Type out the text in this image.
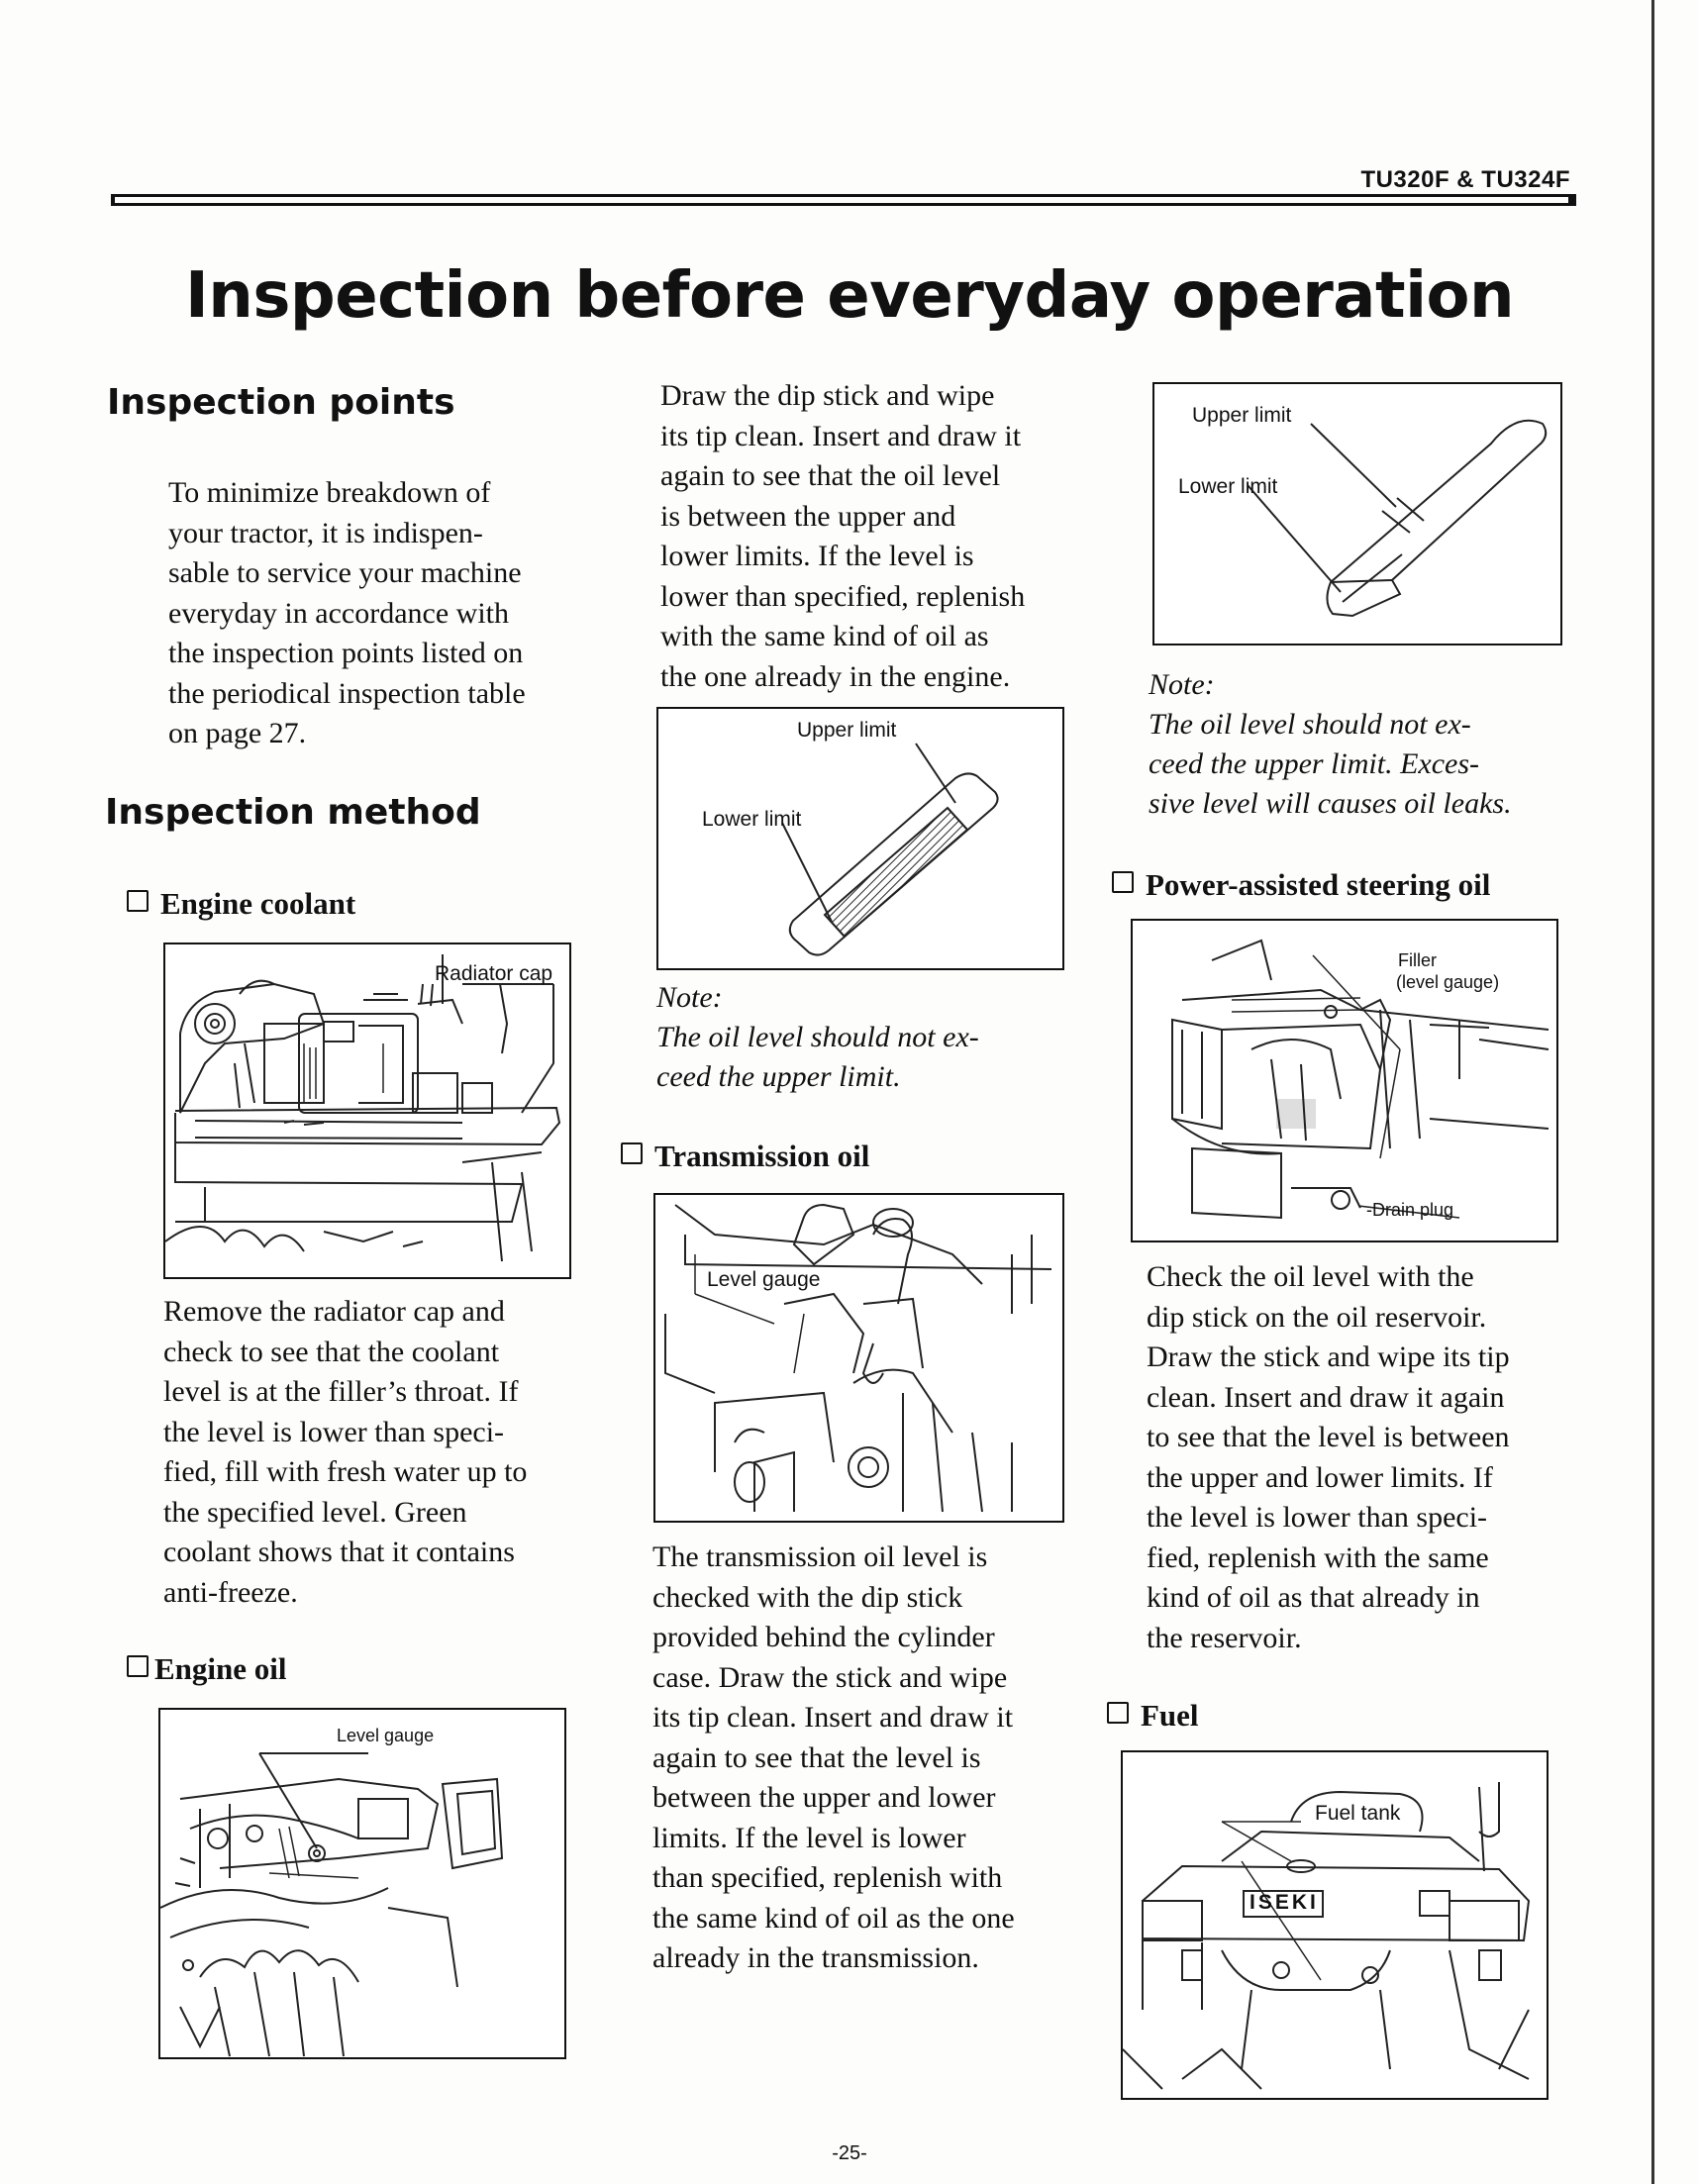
TU320F & TU324F
Inspection before everyday operation
Inspection points
To minimize breakdown of
your tractor, it is indispen-
sable to service your machine
everyday in accordance with
the inspection points listed on
the periodical inspection table
on page 27.
Inspection method
Engine coolant
Radiator cap
Remove the radiator cap and
check to see that the coolant
level is at the filler’s throat. If
the level is lower than speci-
fied, fill with fresh water up to
the specified level. Green
coolant shows that it contains
anti-freeze.
Engine oil
Level gauge
Draw the dip stick and wipe
its tip clean. Insert and draw it
again to see that the oil level
is between the upper and
lower limits. If the level is
lower than specified, replenish
with the same kind of oil as
the one already in the engine.
Upper limit
Lower limit
Note:
The oil level should not ex-
ceed the upper limit.
Transmission oil
Level gauge
The transmission oil level is
checked with the dip stick
provided behind the cylinder
case. Draw the stick and wipe
its tip clean. Insert and draw it
again to see that the level is
between the upper and lower
limits. If the level is lower
than specified, replenish with
the same kind of oil as the one
already in the transmission.
Upper limit
Lower limit
Note:
The oil level should not ex-
ceed the upper limit. Exces-
sive level will causes oil leaks.
Power-assisted steering oil
Filler
(level gauge)
-Drain plug
Check the oil level with the
dip stick on the oil reservoir.
Draw the stick and wipe its tip
clean. Insert and draw it again
to see that the level is between
the upper and lower limits. If
the level is lower than speci-
fied, replenish with the same
kind of oil as that already in
the reservoir.
Fuel
Fuel tank
ISEKI
-25-
